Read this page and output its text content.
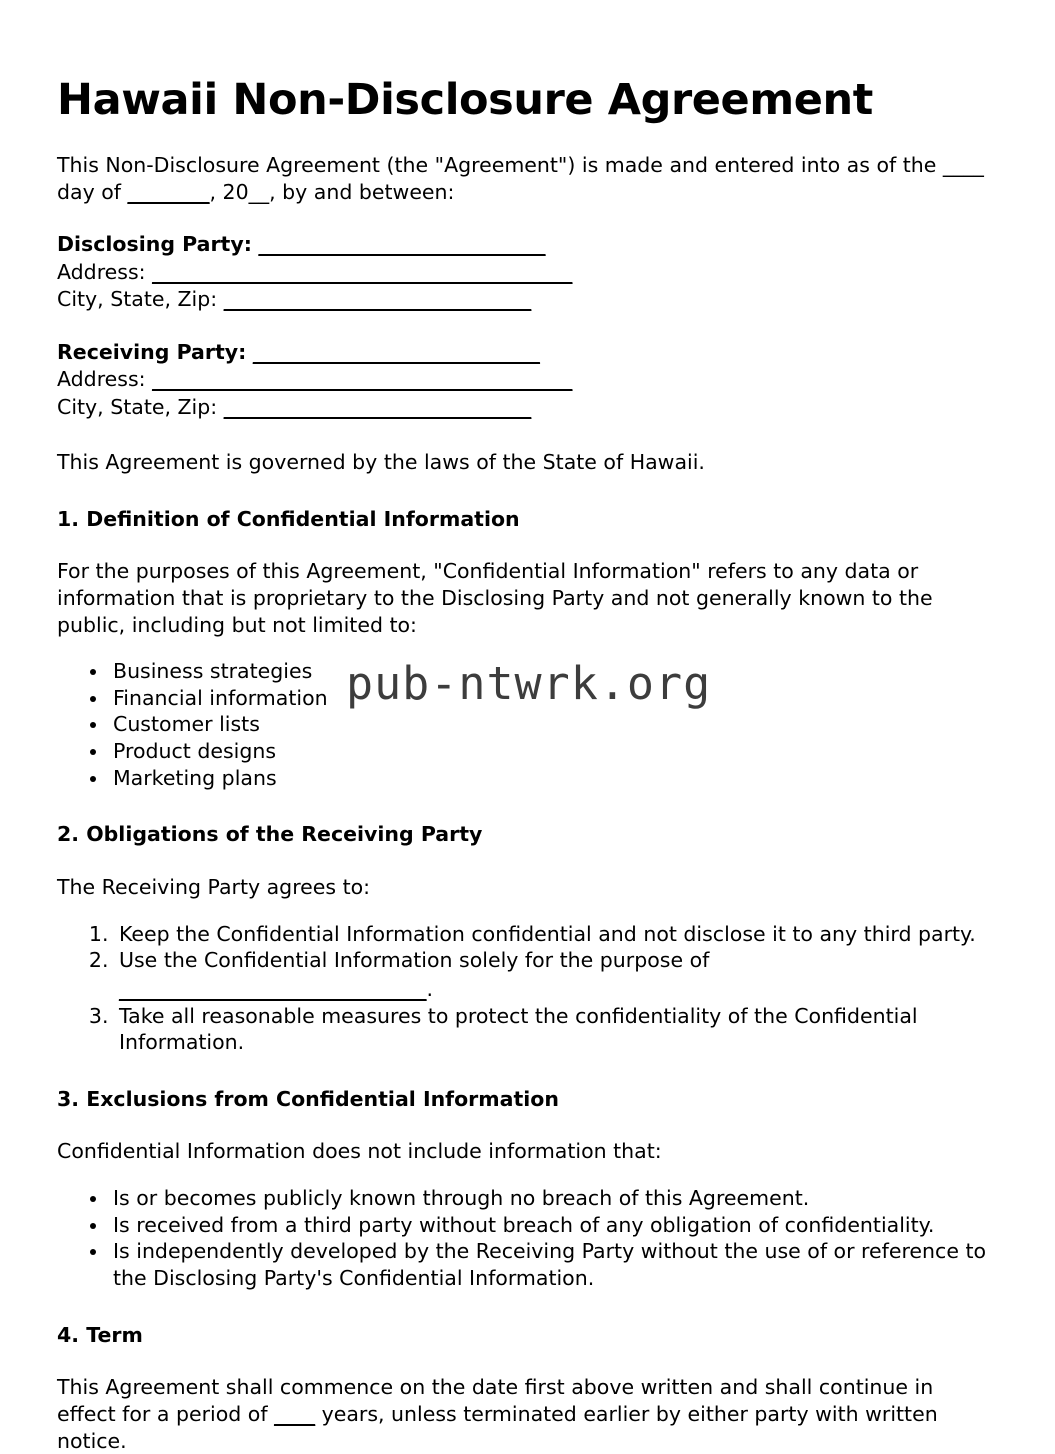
Hawaii Non-Disclosure Agreement

This Non-Disclosure Agreement (the "Agreement") is made and entered into as of the ____ day of ________, 20__, by and between:

Disclosing Party: ____________________________
Address: _________________________________________
City, State, Zip: ______________________________
Receiving Party: ____________________________
Address: _________________________________________
City, State, Zip: ______________________________

This Agreement is governed by the laws of the State of Hawaii.

1. Definition of Confidential Information

For the purposes of this Agreement, "Confidential Information" refers to any data or information that is proprietary to the Disclosing Party and not generally known to the public, including but not limited to:

• Business strategies
• Financial information
• Customer lists
• Product designs
• Marketing plans
2. Obligations of the Receiving Party

The Receiving Party agrees to:

1. Keep the Confidential Information confidential and not disclose it to any third party.
2. Use the Confidential Information solely for the purpose of
______________________________.
3. Take all reasonable measures to protect the confidentiality of the Confidential Information.
3. Exclusions from Confidential Information

Confidential Information does not include information that:

• Is or becomes publicly known through no breach of this Agreement.
• Is received from a third party without breach of any obligation of confidentiality.
• Is independently developed by the Receiving Party without the use of or reference to the Disclosing Party's Confidential Information.
4. Term

This Agreement shall commence on the date first above written and shall continue in effect for a period of ____ years, unless terminated earlier by either party with written notice.

pub-ntwrk.org
